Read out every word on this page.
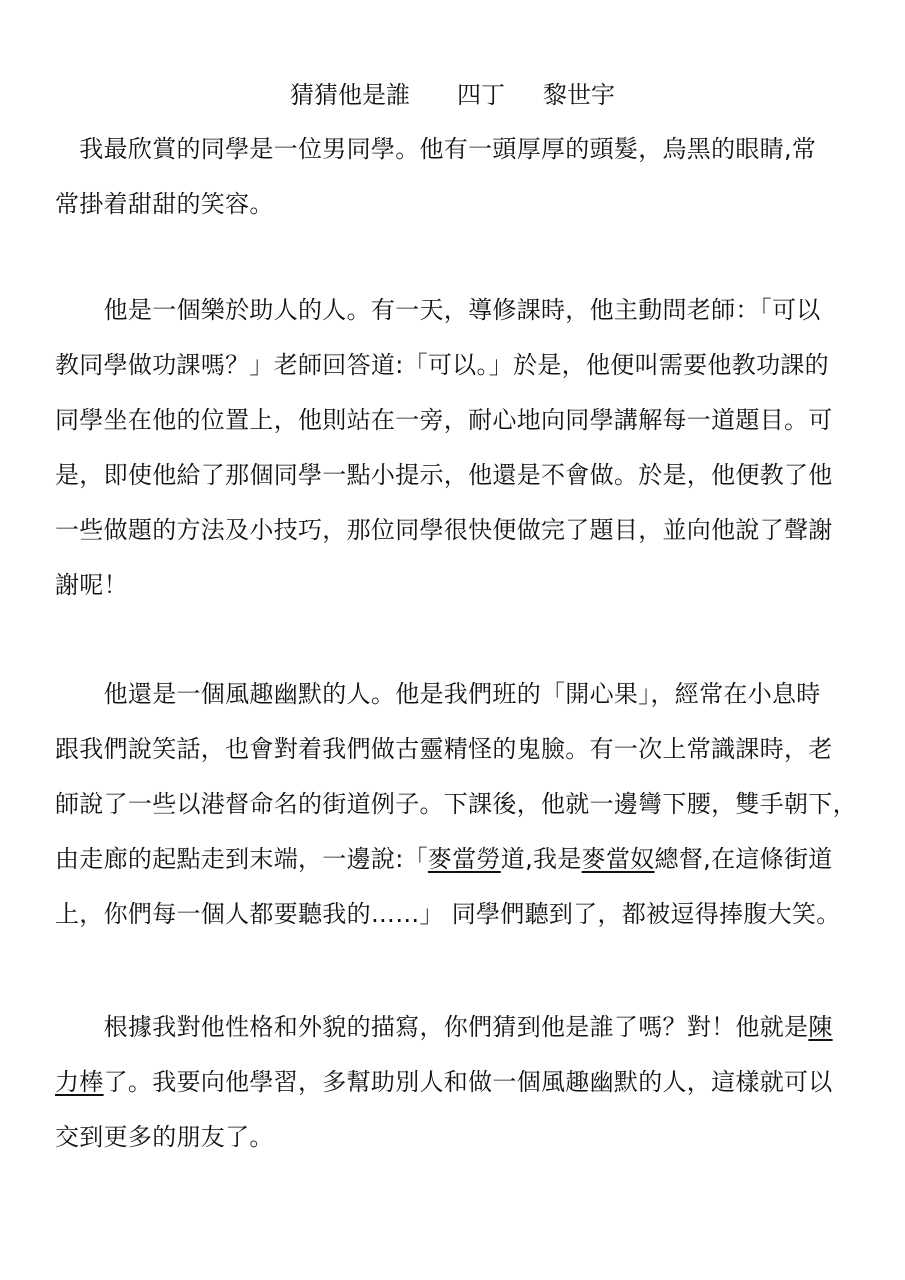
猜猜他是誰 四丁 黎世宇
　我最欣賞的同學是一位男同學。他有一頭厚厚的頭髮，烏黑的眼睛,常
常掛着甜甜的笑容。
　　他是一個樂於助人的人。有一天，導修課時，他主動問老師：「可以
教同學做功課嗎？」老師回答道:「可以。」於是，他便叫需要他教功課的
同學坐在他的位置上，他則站在一旁，耐心地向同學講解每一道題目。可
是，即使他給了那個同學一點小提示，他還是不會做。於是，他便教了他
一些做題的方法及小技巧，那位同學很快便做完了題目，並向他說了聲謝
謝呢！
　　他還是一個風趣幽默的人。他是我們班的「開心果」，經常在小息時
跟我們說笑話，也會對着我們做古靈精怪的鬼臉。有一次上常識課時，老
師說了一些以港督命名的街道例子。下課後，他就一邊彎下腰，雙手朝下，
由走廊的起點走到末端，一邊說:「麥當勞道,我是麥當奴總督,在這條街道
上，你們每一個人都要聽我的……」 同學們聽到了，都被逗得捧腹大笑。
　　根據我對他性格和外貌的描寫，你們猜到他是誰了嗎？對！他就是陳
力棒了。我要向他學習，多幫助別人和做一個風趣幽默的人，這樣就可以
交到更多的朋友了。
